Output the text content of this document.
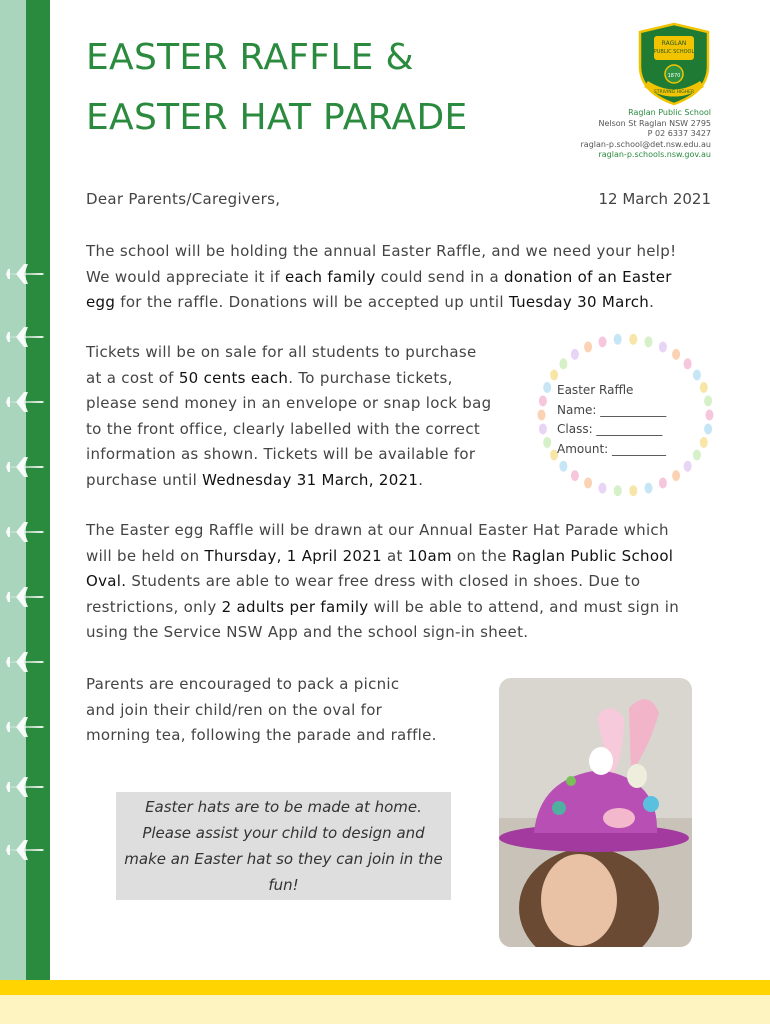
EASTER RAFFLE &
EASTER HAT PARADE
RAGLAN
PUBLIC SCHOOL
1870
STRIVING HIGHER
Raglan Public School
Nelson St Raglan NSW 2795
P 02 6337 3427
raglan-p.school@det.nsw.edu.au
raglan-p.schools.nsw.gov.au
Dear Parents/Caregivers,	12 March 2021
The school will be holding the annual Easter Raffle, and we need your help!
We would appreciate it if each family could send in a donation of an Easter
egg for the raffle. Donations will be accepted up until Tuesday 30 March.
Tickets will be on sale for all students to purchase
at a cost of 50 cents each. To purchase tickets,
please send money in an envelope or snap lock bag
to the front office, clearly labelled with the correct
information as shown. Tickets will be available for
purchase until Wednesday 31 March, 2021.
Easter Raffle
Name: ___________
Class: ___________
Amount: _________
The Easter egg Raffle will be drawn at our Annual Easter Hat Parade which
will be held on Thursday, 1 April 2021 at 10am on the Raglan Public School
Oval. Students are able to wear free dress with closed in shoes. Due to
restrictions, only 2 adults per family will be able to attend, and must sign in
using the Service NSW App and the school sign-in sheet.
Parents are encouraged to pack a picnic
and join their child/ren on the oval for
morning tea, following the parade and raffle.
Easter hats are to be made at home. Please assist your child to design and make an Easter hat so they can join in the fun!
